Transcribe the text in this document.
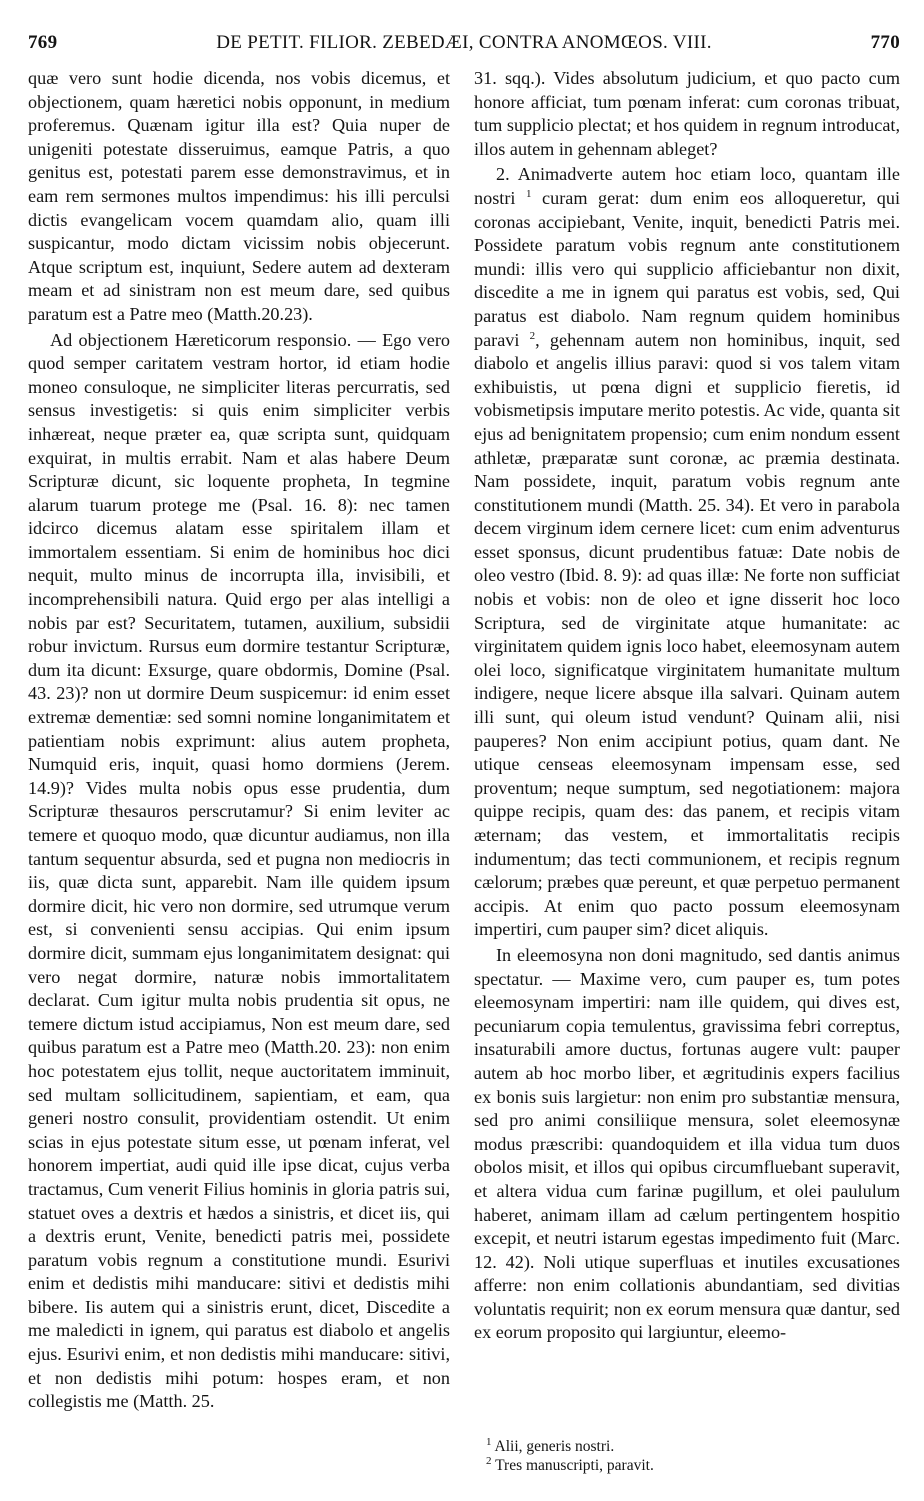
769	DE PETIT. FILIOR. ZEBEDÆI, CONTRA ANOMŒOS. VIII.	770

quæ vero sunt hodie dicenda, nos vobis dicemus, et objectionem, quam hæretici nobis opponunt, in medium proferemus. Quænam igitur illa est? Quia nuper de unigeniti potestate disseruimus, eamque Patris, a quo genitus est, potestati parem esse demonstravimus, et in eam rem sermones multos impendimus: his illi perculsi dictis evangelicam vocem quamdam alio, quam illi suspicantur, modo dictam vicissim nobis objecerunt. Atque scriptum est, inquiunt, Sedere autem ad dexteram meam et ad sinistram non est meum dare, sed quibus paratum est a Patre meo (Matth.20.23).

Ad objectionem Hæreticorum responsio. — Ego vero quod semper caritatem vestram hortor, id etiam hodie moneo consuloque, ne simpliciter literas percurratis, sed sensus investigetis: si quis enim simpliciter verbis inhæreat, neque præter ea, quæ scripta sunt, quidquam exquirat, in multis errabit. Nam et alas habere Deum Scripturæ dicunt, sic loquente propheta, In tegmine alarum tuarum protege me (Psal. 16. 8): nec tamen idcirco dicemus alatam esse spiritalem illam et immortalem essentiam. Si enim de hominibus hoc dici nequit, multo minus de incorrupta illa, invisibili, et incomprehensibili natura. Quid ergo per alas intelligi a nobis par est? Securitatem, tutamen, auxilium, subsidii robur invictum. Rursus eum dormire testantur Scripturæ, dum ita dicunt: Exsurge, quare obdormis, Domine (Psal. 43. 23)? non ut dormire Deum suspicemur: id enim esset extremæ dementiæ: sed somni nomine longanimitatem et patientiam nobis exprimunt: alius autem propheta, Numquid eris, inquit, quasi homo dormiens (Jerem. 14.9)? Vides multa nobis opus esse prudentia, dum Scripturæ thesauros perscrutamur? Si enim leviter ac temere et quoquo modo, quæ dicuntur audiamus, non illa tantum sequentur absurda, sed et pugna non mediocris in iis, quæ dicta sunt, apparebit. Nam ille quidem ipsum dormire dicit, hic vero non dormire, sed utrumque verum est, si convenienti sensu accipias. Qui enim ipsum dormire dicit, summam ejus longanimitatem designat: qui vero negat dormire, naturæ nobis immortalitatem declarat. Cum igitur multa nobis prudentia sit opus, ne temere dictum istud accipiamus, Non est meum dare, sed quibus paratum est a Patre meo (Matth.20. 23): non enim hoc potestatem ejus tollit, neque auctoritatem imminuit, sed multam sollicitudinem, sapientiam, et eam, qua generi nostro consulit, providentiam ostendit. Ut enim scias in ejus potestate situm esse, ut pœnam inferat, vel honorem impertiat, audi quid ille ipse dicat, cujus verba tractamus, Cum venerit Filius hominis in gloria patris sui, statuet oves a dextris et hædos a sinistris, et dicet iis, qui a dextris erunt, Venite, benedicti patris mei, possidete paratum vobis regnum a constitutione mundi. Esurivi enim et dedistis mihi manducare: sitivi et dedistis mihi bibere. Iis autem qui a sinistris erunt, dicet, Discedite a me maledicti in ignem, qui paratus est diabolo et angelis ejus. Esurivi enim, et non dedistis mihi manducare: sitivi, et non dedistis mihi potum: hospes eram, et non collegistis me (Matth. 25.

31. sqq.). Vides absolutum judicium, et quo pacto cum honore afficiat, tum pœnam inferat: cum coronas tribuat, tum supplicio plectat; et hos quidem in regnum introducat, illos autem in gehennam ableget?

2. Animadverte autem hoc etiam loco, quantam ille nostri $^1$ curam gerat: dum enim eos alloqueretur, qui coronas accipiebant, Venite, inquit, benedicti Patris mei. Possidete paratum vobis regnum ante constitutionem mundi: illis vero qui supplicio afficiebantur non dixit, discedite a me in ignem qui paratus est vobis, sed, Qui paratus est diabolo. Nam regnum quidem hominibus paravi $^2$, gehennam autem non hominibus, inquit, sed diabolo et angelis illius paravi: quod si vos talem vitam exhibuistis, ut pœna digni et supplicio fieretis, id vobismetipsis imputare merito potestis. Ac vide, quanta sit ejus ad benignitatem propensio; cum enim nondum essent athletæ, præparatæ sunt coronæ, ac præmia destinata. Nam possidete, inquit, paratum vobis regnum ante constitutionem mundi (Matth. 25. 34). Et vero in parabola decem virginum idem cernere licet: cum enim adventurus esset sponsus, dicunt prudentibus fatuæ: Date nobis de oleo vestro (Ibid. 8. 9): ad quas illæ: Ne forte non sufficiat nobis et vobis: non de oleo et igne disserit hoc loco Scriptura, sed de virginitate atque humanitate: ac virginitatem quidem ignis loco habet, eleemosynam autem olei loco, significatque virginitatem humanitate multum indigere, neque licere absque illa salvari. Quinam autem illi sunt, qui oleum istud vendunt? Quinam alii, nisi pauperes? Non enim accipiunt potius, quam dant. Ne utique censeas eleemosynam impensam esse, sed proventum; neque sumptum, sed negotiationem: majora quippe recipis, quam des: das panem, et recipis vitam æternam; das vestem, et immortalitatis recipis indumentum; das tecti communionem, et recipis regnum cælorum; præbes quæ pereunt, et quæ perpetuo permanent accipis. At enim quo pacto possum eleemosynam impertiri, cum pauper sim? dicet aliquis.

In eleemosyna non doni magnitudo, sed dantis animus spectatur. — Maxime vero, cum pauper es, tum potes eleemosynam impertiri: nam ille quidem, qui dives est, pecuniarum copia temulentus, gravissima febri correptus, insaturabili amore ductus, fortunas augere vult: pauper autem ab hoc morbo liber, et ægritudinis expers facilius ex bonis suis largietur: non enim pro substantiæ mensura, sed pro animi consiliique mensura, solet eleemosynæ modus præscribi: quandoquidem et illa vidua tum duos obolos misit, et illos qui opibus circumfluebant superavit, et altera vidua cum farinæ pugillum, et olei paululum haberet, animam illam ad cælum pertingentem hospitio excepit, et neutri istarum egestas impedimento fuit (Marc. 12. 42). Noli utique superfluas et inutiles excusationes afferre: non enim collationis abundantiam, sed divitias voluntatis requirit; non ex eorum mensura quæ dantur, sed ex eorum proposito qui largiuntur, eleemo-

$^1$ Alii, generis nostri.
$^2$ Tres manuscripti, paravit.
